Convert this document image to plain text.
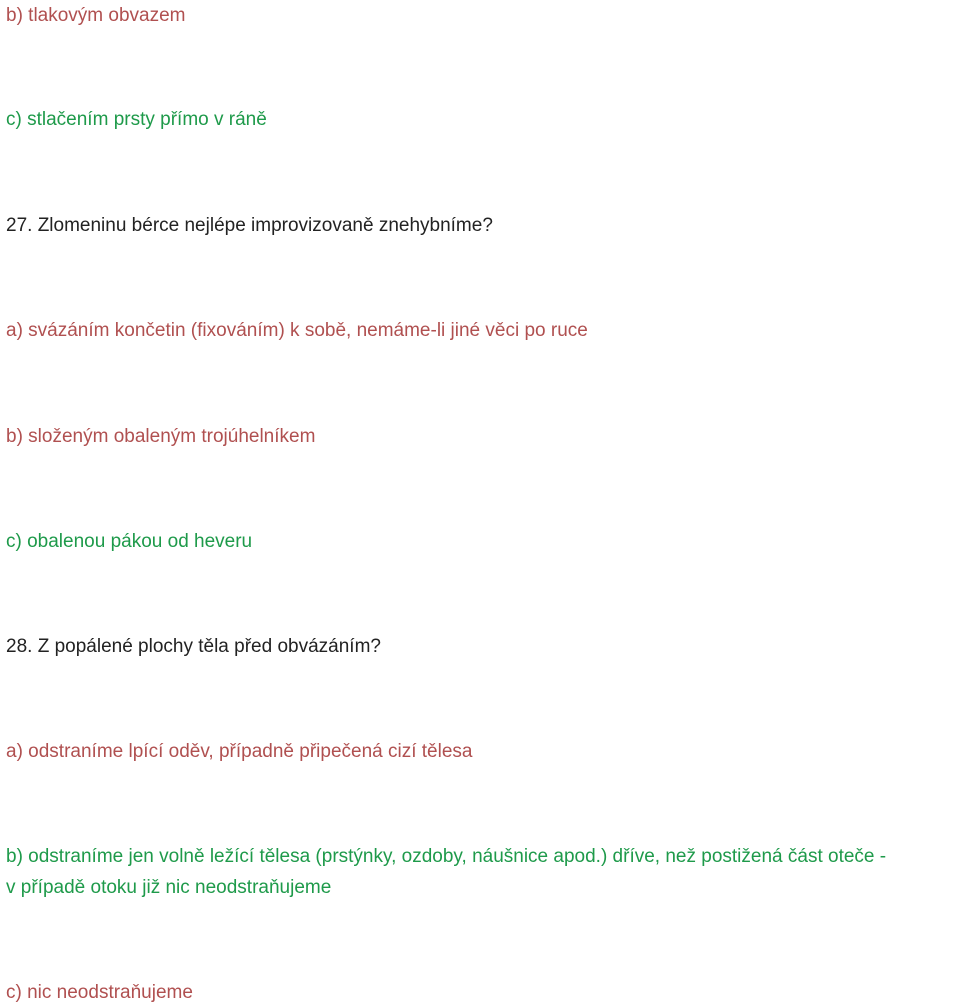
b) tlakovým obvazem

c) stlačením prsty přímo v ráně

27. Zlomeninu bérce nejlépe improvizovaně znehybníme?

a) svázáním končetin (fixováním) k sobě, nemáme-li jiné věci po ruce

b) složeným obaleným trojúhelníkem

c) obalenou pákou od heveru

28. Z popálené plochy těla před obvázáním?

a) odstraníme lpící oděv, případně připečená cizí tělesa

b) odstraníme jen volně ležící tělesa (prstýnky, ozdoby, náušnice apod.) dříve, než postižená část oteče -

v případě otoku již nic neodstraňujeme

c) nic neodstraňujeme
